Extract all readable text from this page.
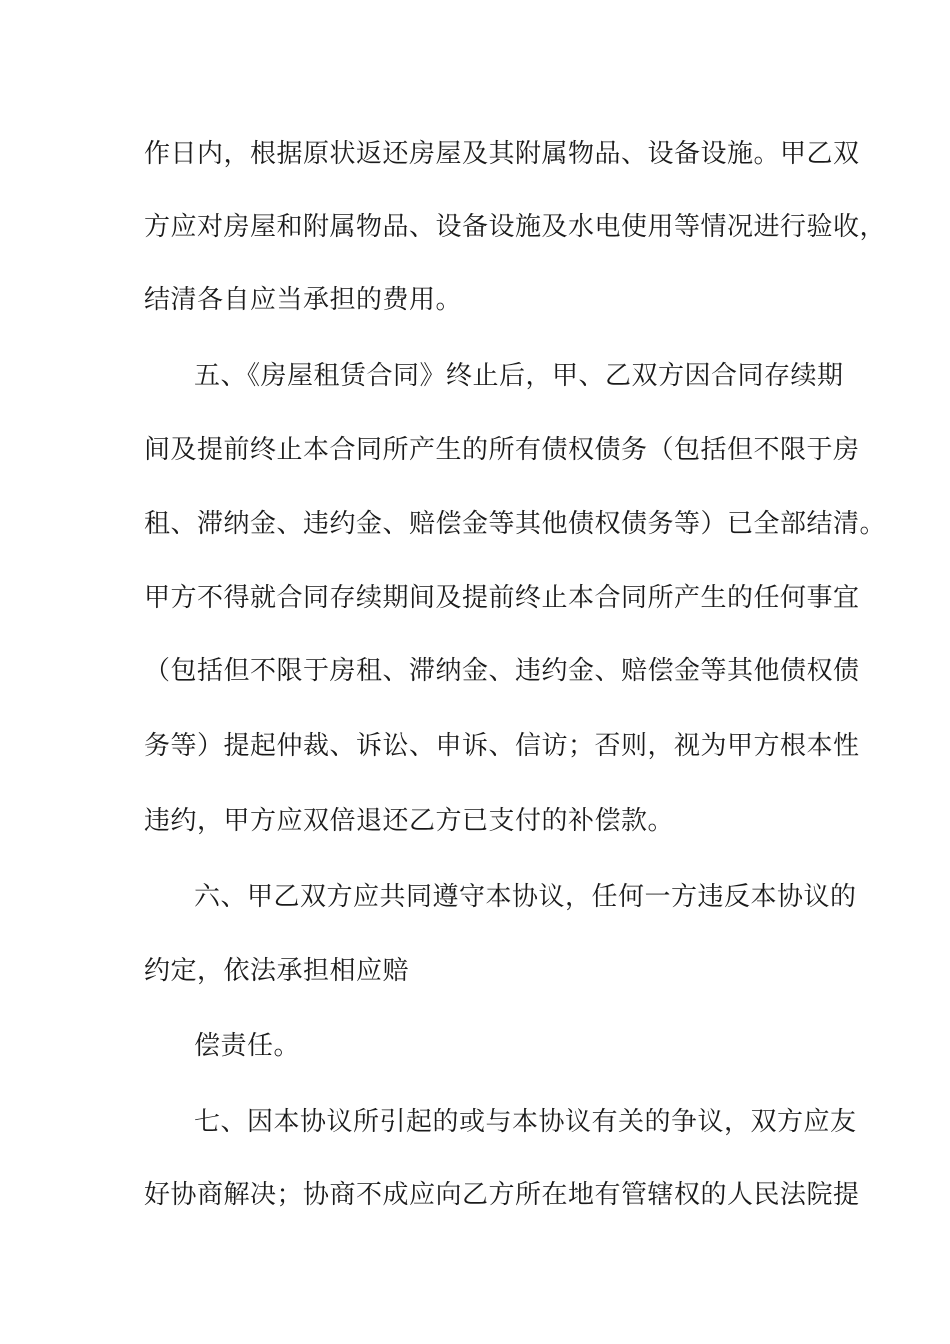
作日内，根据原状返还房屋及其附属物品、设备设施。甲乙双
方应对房屋和附属物品、设备设施及水电使用等情况进行验收，
结清各自应当承担的费用。
五、《房屋租赁合同》终止后，甲、乙双方因合同存续期
间及提前终止本合同所产生的所有债权债务（包括但不限于房
租、滞纳金、违约金、赔偿金等其他债权债务等）已全部结清。
甲方不得就合同存续期间及提前终止本合同所产生的任何事宜
（包括但不限于房租、滞纳金、违约金、赔偿金等其他债权债
务等）提起仲裁、诉讼、申诉、信访；否则，视为甲方根本性
违约，甲方应双倍退还乙方已支付的补偿款。
六、甲乙双方应共同遵守本协议，任何一方违反本协议的
约定，依法承担相应赔
偿责任。
七、因本协议所引起的或与本协议有关的争议，双方应友
好协商解决；协商不成应向乙方所在地有管辖权的人民法院提
